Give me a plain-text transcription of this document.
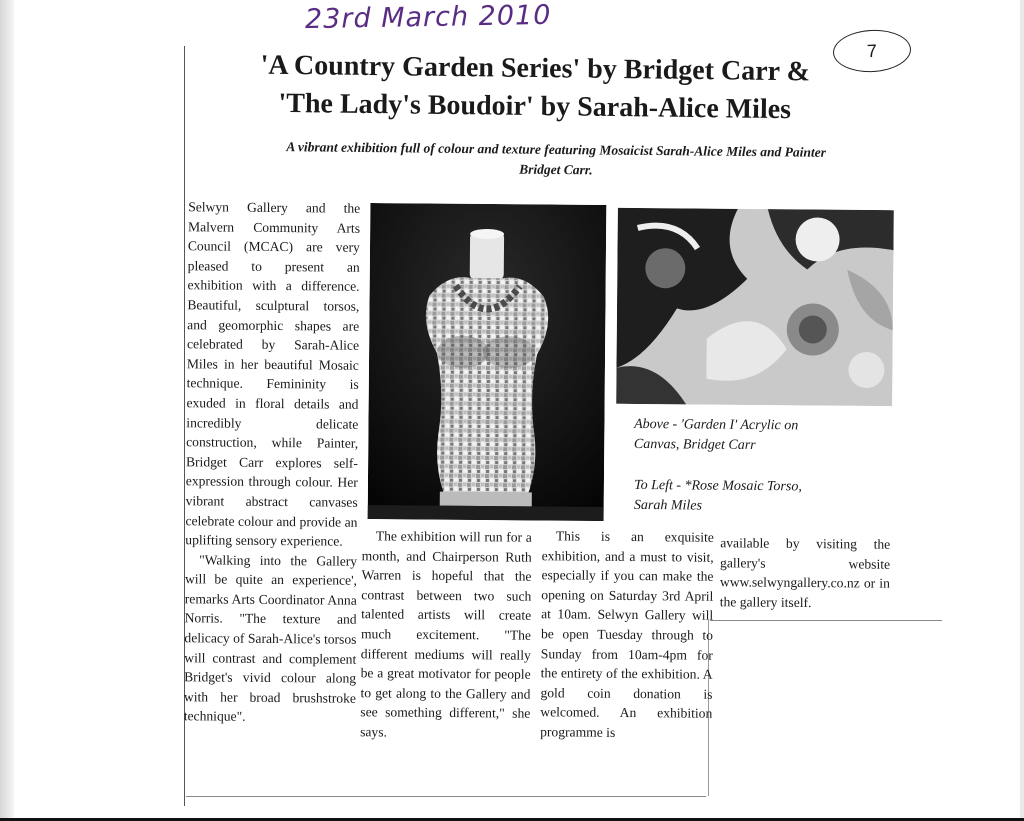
23rd March 2010
7
'A Country Garden Series' by Bridget Carr &
'The Lady's Boudoir' by Sarah-Alice Miles
A vibrant exhibition full of colour and texture featuring Mosaicist Sarah-Alice Miles and Painter Bridget Carr.

Selwyn Gallery and the Malvern Community Arts Council (MCAC) are very pleased to present an exhibition with a difference. Beautiful, sculptural torsos, and geomorphic shapes are celebrated by Sarah-Alice Miles in her beautiful Mosaic technique. Femininity is exuded in floral details and incredibly delicate construction, while Painter, Bridget Carr explores self-expression through colour. Her vibrant abstract canvases celebrate colour and provide an uplifting sensory experience.

"Walking into the Gallery will be quite an experience', remarks Arts Coordinator Anna Norris. "The texture and delicacy of Sarah-Alice's torsos will contrast and complement Bridget's vivid colour along with her broad brushstroke technique".

Above - 'Garden I' Acrylic on
Canvas, Bridget Carr
To Left - *Rose Mosaic Torso,
Sarah Miles

The exhibition will run for a month, and Chairperson Ruth Warren is hopeful that the contrast between two such talented artists will create much excitement. "The different mediums will really be a great motivator for people to get along to the Gallery and see something different," she says.

This is an exquisite exhibition, and a must to visit, especially if you can make the opening on Saturday 3rd April at 10am. Selwyn Gallery will be open Tuesday through to Sunday from 10am-4pm for the entirety of the exhibition. A gold coin donation is welcomed. An exhibition programme is

available by visiting the gallery's website www.selwyngallery.co.nz or in the gallery itself.
